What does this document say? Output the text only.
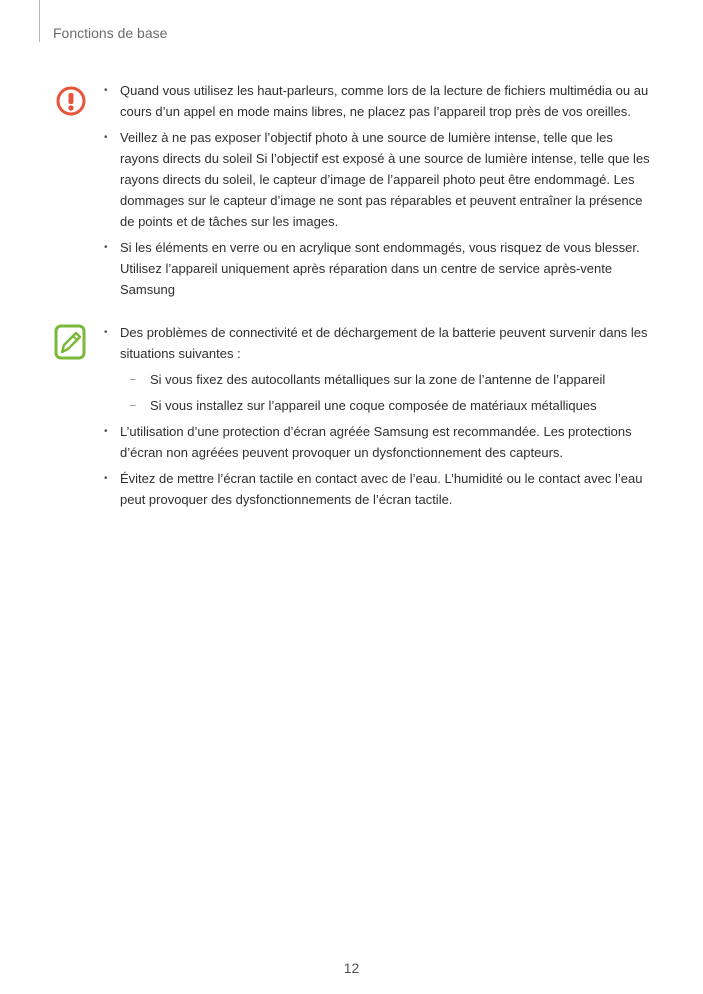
Fonctions de base
• Quand vous utilisez les haut-parleurs, comme lors de la lecture de fichiers multimédia ou au cours d’un appel en mode mains libres, ne placez pas l’appareil trop près de vos oreilles.
• Veillez à ne pas exposer l’objectif photo à une source de lumière intense, telle que les rayons directs du soleil Si l’objectif est exposé à une source de lumière intense, telle que les rayons directs du soleil, le capteur d’image de l’appareil photo peut être endommagé. Les dommages sur le capteur d’image ne sont pas réparables et peuvent entraîner la présence de points et de tâches sur les images.
• Si les éléments en verre ou en acrylique sont endommagés, vous risquez de vous blesser. Utilisez l’appareil uniquement après réparation dans un centre de service après-vente Samsung
• Des problèmes de connectivité et de déchargement de la batterie peuvent survenir dans les situations suivantes :
– Si vous fixez des autocollants métalliques sur la zone de l’antenne de l’appareil
– Si vous installez sur l’appareil une coque composée de matériaux métalliques
• L’utilisation d’une protection d’écran agréée Samsung est recommandée. Les protections d’écran non agréées peuvent provoquer un dysfonctionnement des capteurs.
• Évitez de mettre l’écran tactile en contact avec de l’eau. L’humidité ou le contact avec l’eau peut provoquer des dysfonctionnements de l’écran tactile.
12
